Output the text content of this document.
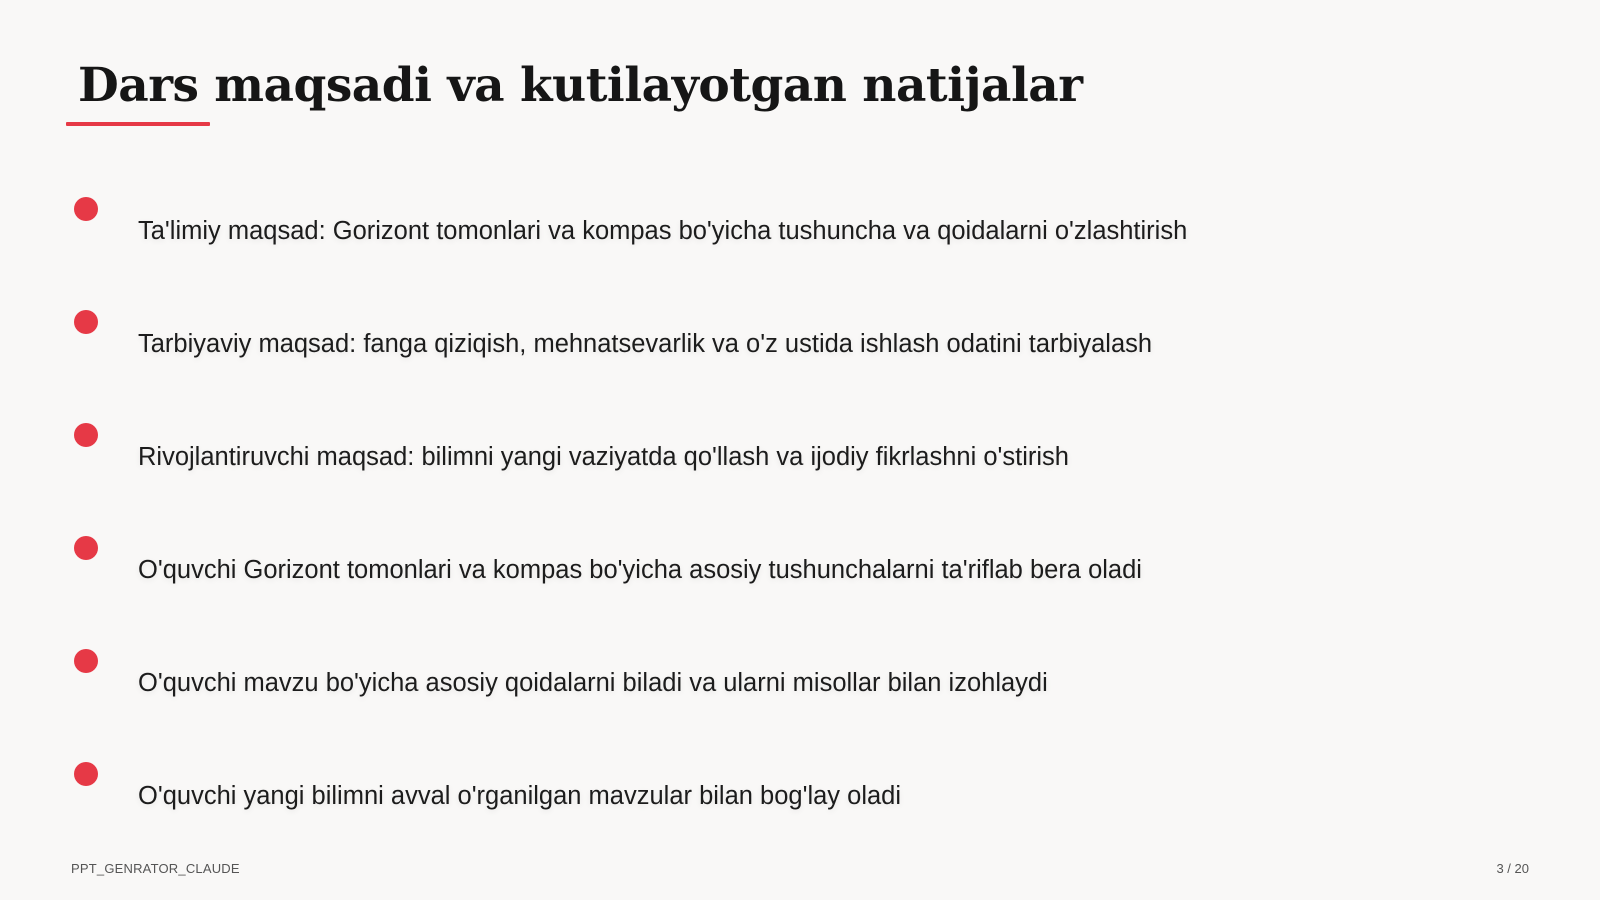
Dars maqsadi va kutilayotgan natijalar
Ta'limiy maqsad: Gorizont tomonlari va kompas bo'yicha tushuncha va qoidalarni o'zlashtirish
Tarbiyaviy maqsad: fanga qiziqish, mehnatsevarlik va o'z ustida ishlash odatini tarbiyalash
Rivojlantiruvchi maqsad: bilimni yangi vaziyatda qo'llash va ijodiy fikrlashni o'stirish
O'quvchi Gorizont tomonlari va kompas bo'yicha asosiy tushunchalarni ta'riflab bera oladi
O'quvchi mavzu bo'yicha asosiy qoidalarni biladi va ularni misollar bilan izohlaydi
O'quvchi yangi bilimni avval o'rganilgan mavzular bilan bog'lay oladi
PPT_GENRATOR_CLAUDE	3 / 20
